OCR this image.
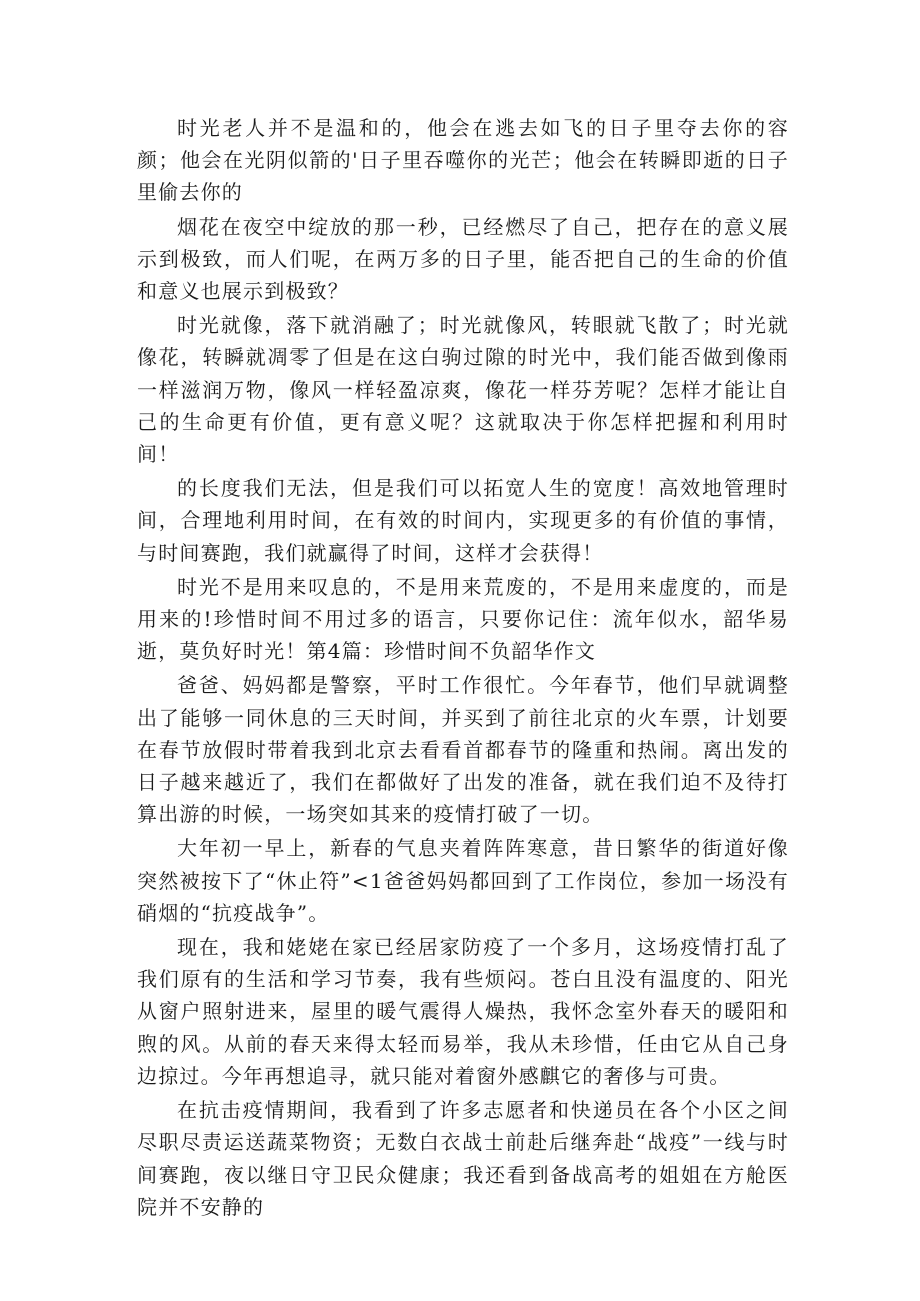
时光老人并不是温和的，他会在逃去如飞的日子里夺去你的容颜；他会在光阴似箭的'日子里吞噬你的光芒；他会在转瞬即逝的日子里偷去你的

烟花在夜空中绽放的那一秒，已经燃尽了自己，把存在的意义展示到极致，而人们呢，在两万多的日子里，能否把自己的生命的价值和意义也展示到极致？

时光就像，落下就消融了；时光就像风，转眼就飞散了；时光就像花，转瞬就凋零了但是在这白驹过隙的时光中，我们能否做到像雨一样滋润万物，像风一样轻盈凉爽，像花一样芬芳呢？怎样才能让自己的生命更有价值，更有意义呢？这就取决于你怎样把握和利用时间！

的长度我们无法，但是我们可以拓宽人生的宽度！高效地管理时间，合理地利用时间，在有效的时间内，实现更多的有价值的事情，与时间赛跑，我们就赢得了时间，这样才会获得！

时光不是用来叹息的，不是用来荒废的，不是用来虚度的，而是用来的!珍惜时间不用过多的语言，只要你记住：流年似水，韶华易逝，莫负好时光！第4篇：珍惜时间不负韶华作文

爸爸、妈妈都是警察，平时工作很忙。今年春节，他们早就调整出了能够一同休息的三天时间，并买到了前往北京的火车票，计划要在春节放假时带着我到北京去看看首都春节的隆重和热闹。离出发的日子越来越近了，我们在都做好了出发的准备，就在我们迫不及待打算出游的时候，一场突如其来的疫情打破了一切。

大年初一早上，新春的气息夹着阵阵寒意，昔日繁华的街道好像突然被按下了“休止符”<1爸爸妈妈都回到了工作岗位，参加一场没有硝烟的“抗疫战争”。

现在，我和姥姥在家已经居家防疫了一个多月，这场疫情打乱了我们原有的生活和学习节奏，我有些烦闷。苍白且没有温度的、阳光从窗户照射进来，屋里的暖气震得人燥热，我怀念室外春天的暖阳和煦的风。从前的春天来得太轻而易举，我从未珍惜，任由它从自己身边掠过。今年再想追寻，就只能对着窗外感麒它的奢侈与可贵。

在抗击疫情期间，我看到了许多志愿者和快递员在各个小区之间尽职尽责运送蔬菜物资；无数白衣战士前赴后继奔赴“战疫”一线与时间赛跑，夜以继日守卫民众健康；我还看到备战高考的姐姐在方舱医院并不安静的
